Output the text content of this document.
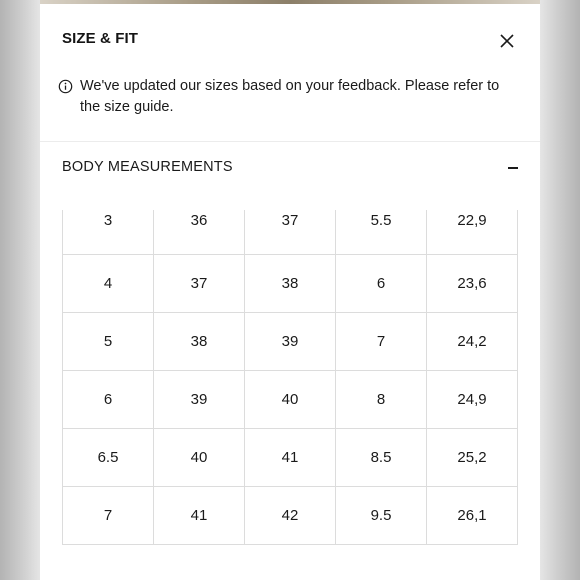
SIZE & FIT
We've updated our sizes based on your feedback. Please refer to the size guide.
BODY MEASUREMENTS
3	36	37	5.5	22,9
4	37	38	6	23,6
5	38	39	7	24,2
6	39	40	8	24,9
6.5	40	41	8.5	25,2
7	41	42	9.5	26,1
